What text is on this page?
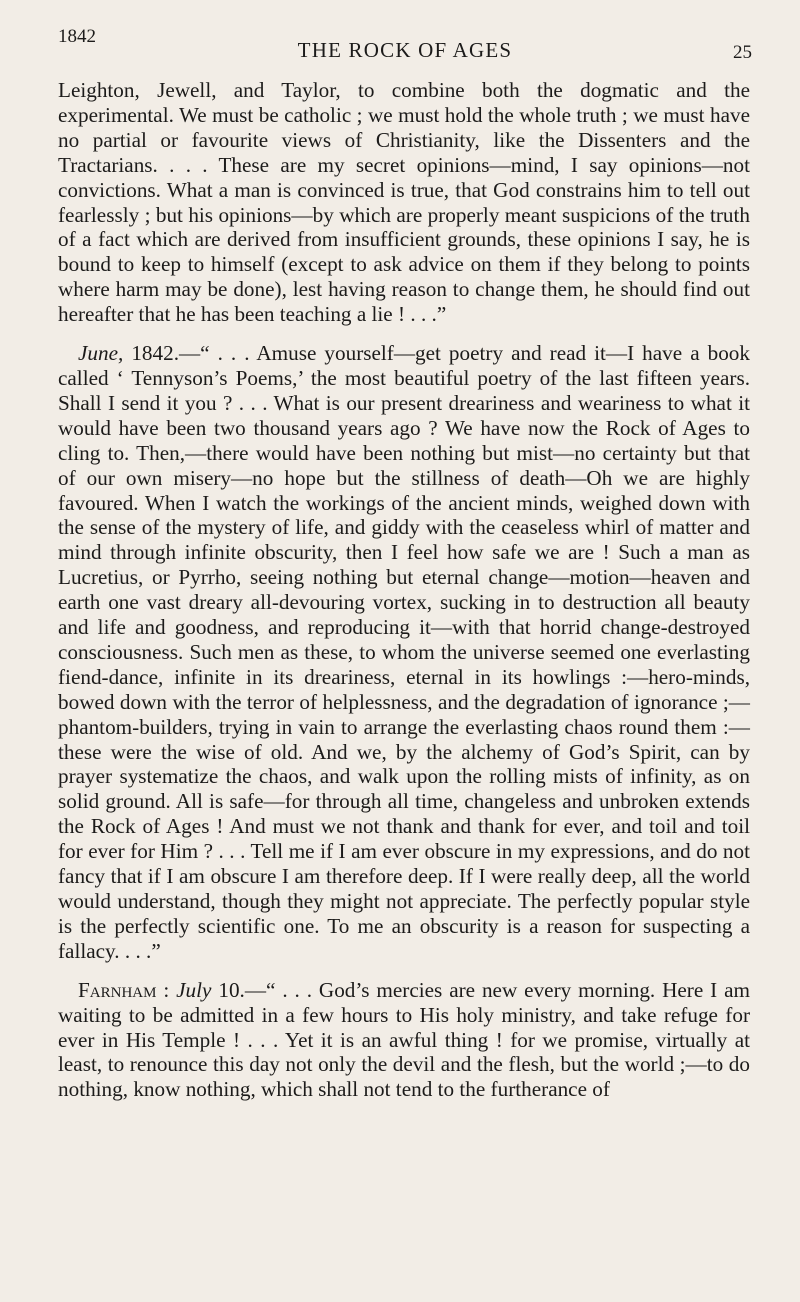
1842
THE ROCK OF AGES	25

Leighton, Jewell, and Taylor, to combine both the dogmatic and the experimental. We must be catholic ; we must hold the whole truth ; we must have no partial or favourite views of Christianity, like the Dissenters and the Tractarians. . . . These are my secret opinions—mind, I say opinions—not convictions. What a man is convinced is true, that God constrains him to tell out fearlessly ; but his opinions—by which are properly meant suspicions of the truth of a fact which are derived from insufficient grounds, these opinions I say, he is bound to keep to himself (except to ask advice on them if they belong to points where harm may be done), lest having reason to change them, he should find out hereafter that he has been teaching a lie ! . . .”

June, 1842.—“ . . . Amuse yourself—get poetry and read it—I have a book called ‘ Tennyson’s Poems,’ the most beautiful poetry of the last fifteen years. Shall I send it you ? . . . What is our present dreariness and weariness to what it would have been two thousand years ago ? We have now the Rock of Ages to cling to. Then,—there would have been nothing but mist—no certainty but that of our own misery—no hope but the stillness of death—Oh we are highly favoured. When I watch the workings of the ancient minds, weighed down with the sense of the mystery of life, and giddy with the ceaseless whirl of matter and mind through infinite obscurity, then I feel how safe we are ! Such a man as Lucretius, or Pyrrho, seeing nothing but eternal change—motion—heaven and earth one vast dreary all-devouring vortex, sucking in to destruction all beauty and life and goodness, and reproducing it—with that horrid change-destroyed consciousness. Such men as these, to whom the universe seemed one everlasting fiend-dance, infinite in its dreariness, eternal in its howlings :—hero-minds, bowed down with the terror of helplessness, and the degradation of ignorance ;—phantom-builders, trying in vain to arrange the everlasting chaos round them :—these were the wise of old. And we, by the alchemy of God’s Spirit, can by prayer systematize the chaos, and walk upon the rolling mists of infinity, as on solid ground. All is safe—for through all time, changeless and unbroken extends the Rock of Ages ! And must we not thank and thank for ever, and toil and toil for ever for Him ? . . . Tell me if I am ever obscure in my expressions, and do not fancy that if I am obscure I am therefore deep. If I were really deep, all the world would understand, though they might not appreciate. The perfectly popular style is the perfectly scientific one. To me an obscurity is a reason for suspecting a fallacy. . . .”

Farnham : July 10.—“ . . . God’s mercies are new every morning. Here I am waiting to be admitted in a few hours to His holy ministry, and take refuge for ever in His Temple ! . . . Yet it is an awful thing ! for we promise, virtually at least, to renounce this day not only the devil and the flesh, but the world ;—to do nothing, know nothing, which shall not tend to the furtherance of
